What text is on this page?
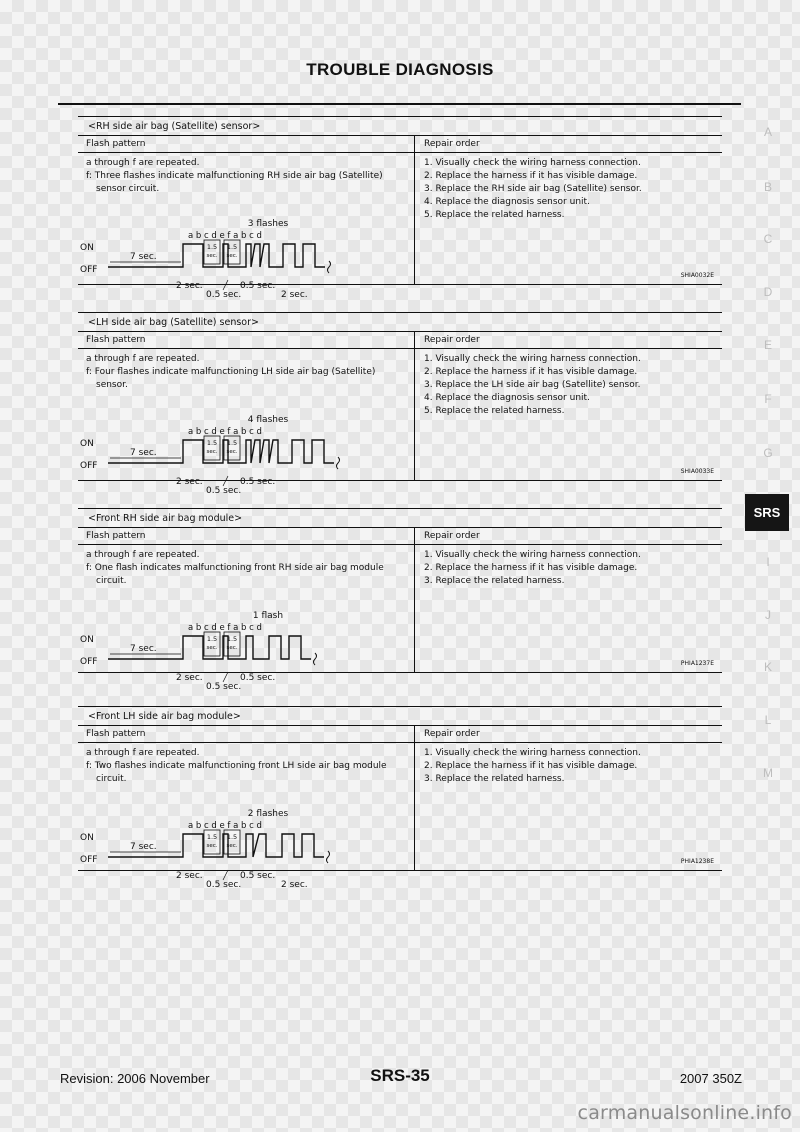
TROUBLE DIAGNOSIS
A
B
C
D
E
F
G
SRS
I
J
K
L
M
<RH side air bag (Satellite) sensor>
Flash pattern	Repair order
a through f are repeated.
f: Three flashes indicate malfunctioning RH side air bag (Satellite) sensor circuit.
1. Visually check the wiring harness connection.
2. Replace the harness if it has visible damage.
3. Replace the RH side air bag (Satellite) sensor.
4. Replace the diagnosis sensor unit.
5. Replace the related harness.
SHIA0032E
3 flashes
a b c d e f a b c d
ON
OFF
1.5
sec.
1.5
sec.
7 sec.
2 sec.	0.5 sec.
0.5 sec.	2 sec.
<LH side air bag (Satellite) sensor>
Flash pattern	Repair order
a through f are repeated.
f: Four flashes indicate malfunctioning LH side air bag (Satellite) sensor.
1. Visually check the wiring harness connection.
2. Replace the harness if it has visible damage.
3. Replace the LH side air bag (Satellite) sensor.
4. Replace the diagnosis sensor unit.
5. Replace the related harness.
SHIA0033E
4 flashes
a b c d e f a b c d
ON
OFF
1.5
sec.
1.5
sec.
7 sec.
2 sec.	0.5 sec.
0.5 sec.
<Front RH side air bag module>
Flash pattern	Repair order
a through f are repeated.
f: One flash indicates malfunctioning front RH side air bag module circuit.
1. Visually check the wiring harness connection.
2. Replace the harness if it has visible damage.
3. Replace the related harness.
PHIA1237E
1 flash
a b c d e f a b c d
ON
OFF
1.5
sec.
1.5
sec.
7 sec.
2 sec.	0.5 sec.
0.5 sec.
<Front LH side air bag module>
Flash pattern	Repair order
a through f are repeated.
f: Two flashes indicate malfunctioning front LH side air bag module circuit.
1. Visually check the wiring harness connection.
2. Replace the harness if it has visible damage.
3. Replace the related harness.
PHIA1238E
2 flashes
a b c d e f a b c d
ON
OFF
1.5
sec.
1.5
sec.
7 sec.
2 sec.	0.5 sec.
0.5 sec.	2 sec.
Revision: 2006 November	SRS-35	2007 350Z
carmanualsonline.info
